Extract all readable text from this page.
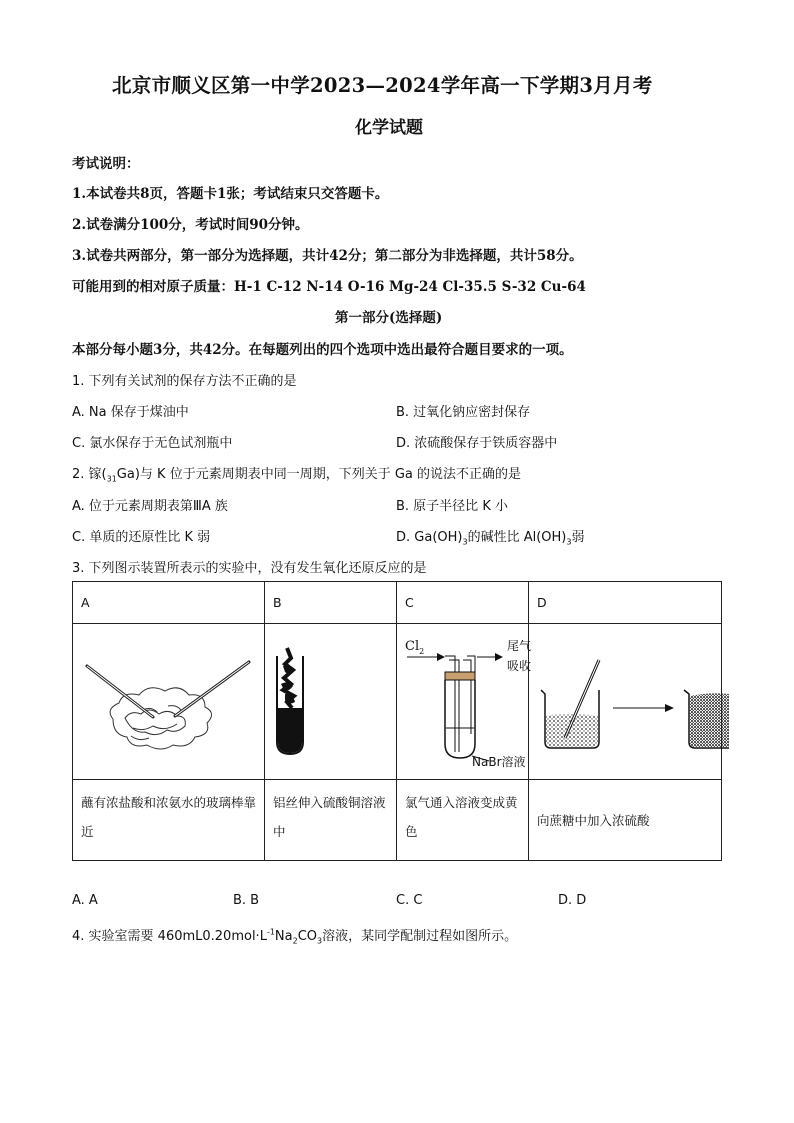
北京市顺义区第一中学2023—2024学年高一下学期3月月考
化学试题
考试说明：
1.本试卷共8页，答题卡1张；考试结束只交答题卡。
2.试卷满分100分，考试时间90分钟。
3.试卷共两部分，第一部分为选择题，共计42分；第二部分为非选择题，共计58分。
可能用到的相对原子质量：H-1 C-12 N-14 O-16 Mg-24 Cl-35.5 S-32 Cu-64
第一部分(选择题)
本部分每小题3分，共42分。在每题列出的四个选项中选出最符合题目要求的一项。
1. 下列有关试剂的保存方法不正确的是
A. Na 保存于煤油中	B. 过氧化钠应密封保存
C. 氯水保存于无色试剂瓶中	D. 浓硫酸保存于铁质容器中
2. 镓$(_{31}Ga)$与 K 位于元素周期表中同一周期，下列关于 Ga 的说法不正确的是
A. 位于元素周期表第ⅢA 族	B. 原子半径比 K 小
C. 单质的还原性比 K 弱	D. $Ga(OH)_3$的碱性比 $Al(OH)_3$弱
3. 下列图示装置所表示的实验中，没有发生氧化还原反应的是
A	B	C	D

$Cl_2$ 尾气
吸收
NaBr溶液

蘸有浓盐酸和浓氨水的玻璃棒靠近	铝丝伸入硫酸铜溶液中	氯气通入溶液变成黄色	向蔗糖中加入浓硫酸
A. A	B. B	C. C	D. D
4. 实验室需要 $460mL0.20mol\cdot L^{-1}Na_2CO_3$溶液，某同学配制过程如图所示。
